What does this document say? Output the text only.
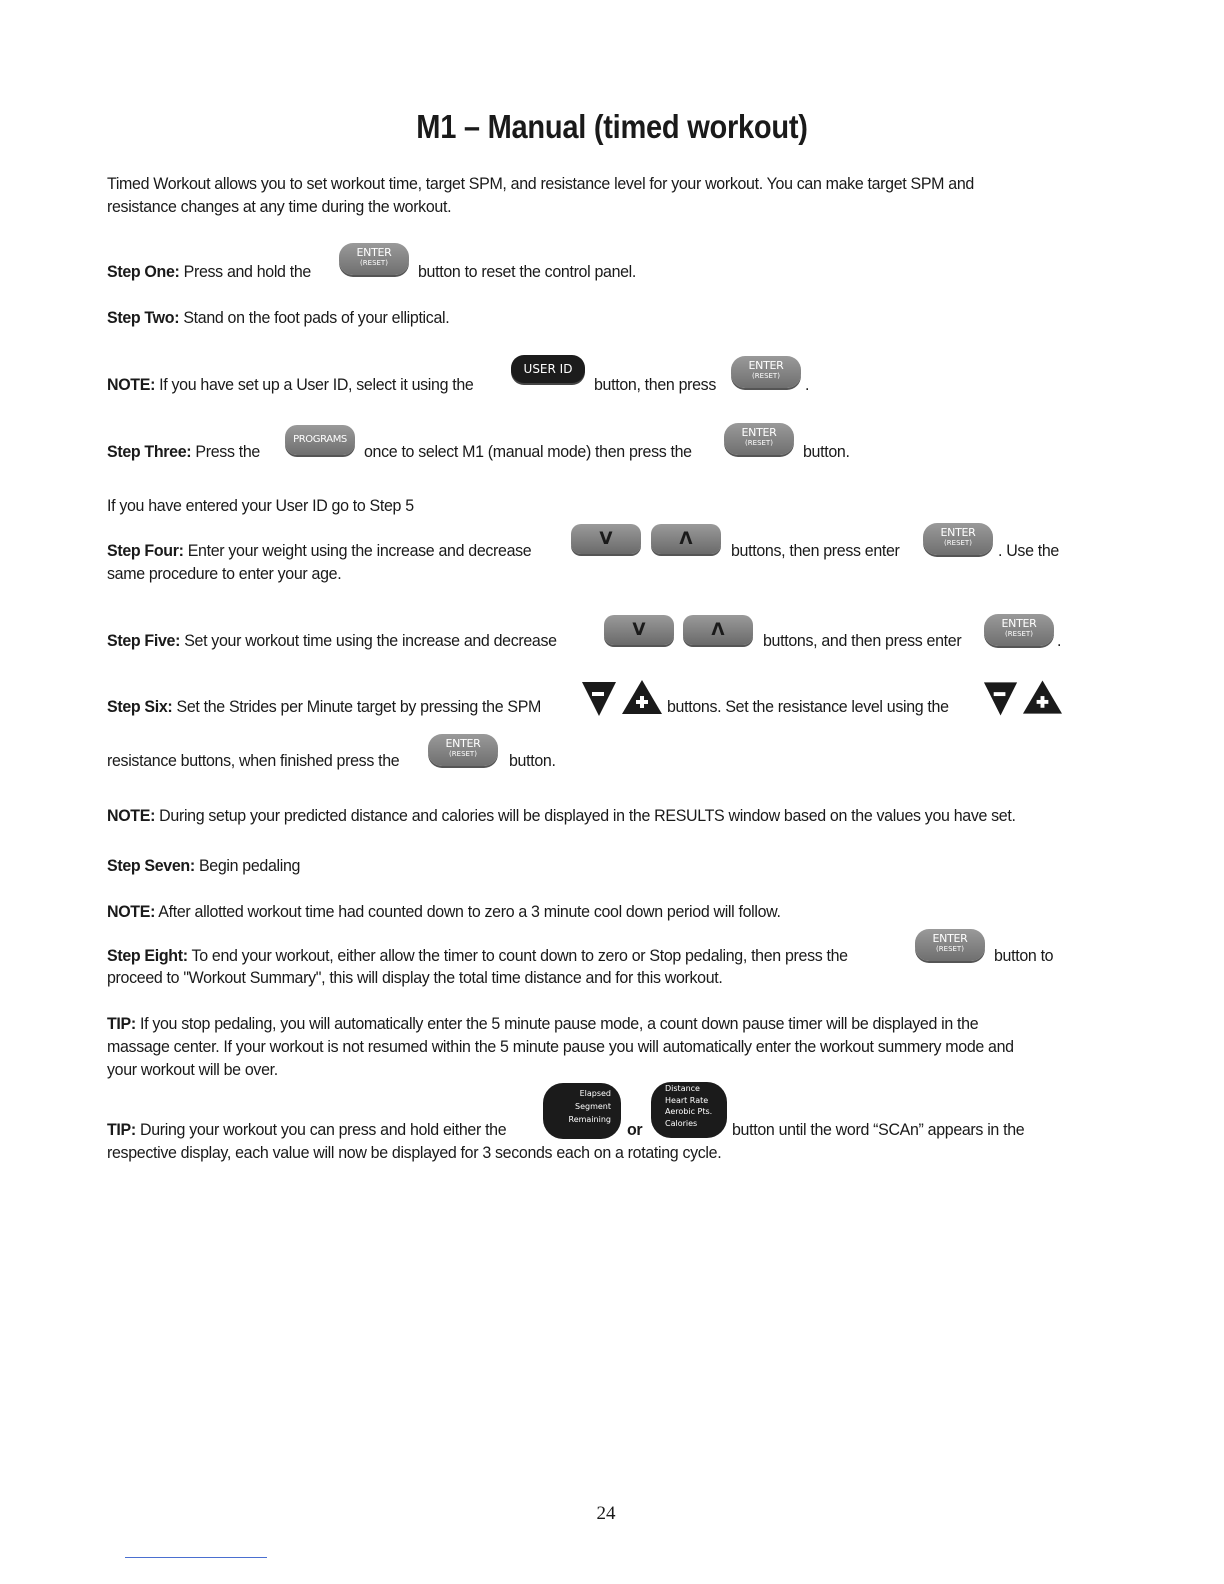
M1 – Manual (timed workout)
Timed Workout allows you to set workout time, target SPM, and resistance level for your workout. You can make target SPM and
resistance changes at any time during the workout.
Step One: Press and hold the
ENTER
(RESET)	button to reset the control panel.
Step Two: Stand on the foot pads of your elliptical.
NOTE: If you have set up a User ID, select it using the
USER ID
button, then press
ENTER
(RESET)	.
Step Three: Press the
PROGRAMS
once to select M1 (manual mode) then press the
ENTER
(RESET)	button.
If you have entered your User ID go to Step 5
Step Four: Enter your weight using the increase and decrease
V	Λ
buttons, then press enter
ENTER
(RESET)	. Use the
same procedure to enter your age.
Step Five: Set your workout time using the increase and decrease
V	Λ
buttons, and then press enter
ENTER
(RESET)	.
Step Six: Set the Strides per Minute target by pressing the SPM	buttons. Set the resistance level using the
resistance buttons, when finished press the
ENTER
(RESET)	button.
NOTE: During setup your predicted distance and calories will be displayed in the RESULTS window based on the values you have set.
Step Seven: Begin pedaling
NOTE: After allotted workout time had counted down to zero a 3 minute cool down period will follow.
Step Eight: To end your workout, either allow the timer to count down to zero or Stop pedaling, then press the
ENTER
(RESET)	button to
proceed to "Workout Summary", this will display the total time distance and for this workout.
TIP: If you stop pedaling, you will automatically enter the 5 minute pause mode, a count down pause timer will be displayed in the
massage center. If your workout is not resumed within the 5 minute pause you will automatically enter the workout summery mode and
your workout will be over.
TIP: During your workout you can press and hold either the
Elapsed
Segment
Remaining
or
Distance
Heart Rate
Aerobic Pts.
Calories	button until the word “SCAn” appears in the
respective display, each value will now be displayed for 3 seconds each on a rotating cycle.
24
